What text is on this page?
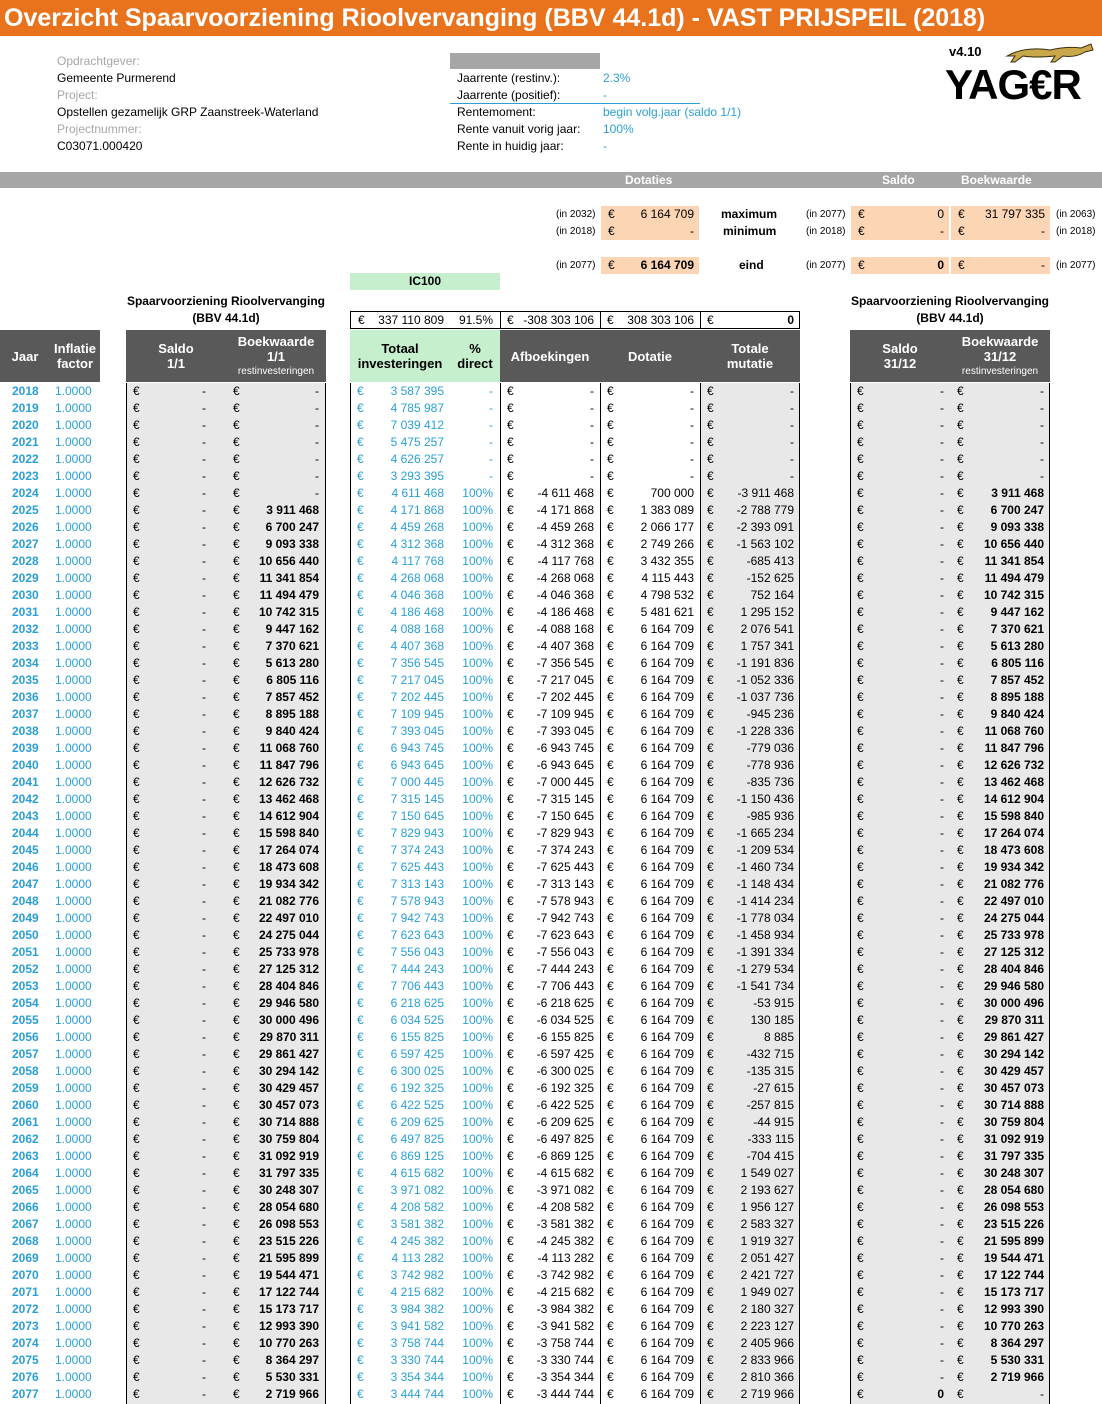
Overzicht Spaarvoorziening Rioolvervanging (BBV 44.1d) - VAST PRIJSPEIL (2018)
Opdrachtgever:
Gemeente Purmerend
Project:
Opstellen gezamelijk GRP Zaanstreek-Waterland
Projectnummer:
C03071.000420
Jaarrente (restinv.):	2.3%
Jaarrente (positief):	-
Rentemoment:	begin volg.jaar (saldo 1/1)
Rente vanuit vorig jaar: 100%
Rente in huidig jaar:	-
v4.10
YAG€R
Dotaties	Saldo	Boekwaarde
(in 2032) € 6 164 709 maximum	(in 2077) €	0 € 31 797 335 (in 2063)
(in 2018) €	- minimum	(in 2018) €	- €	- (in 2018)
(in 2077) € 6 164 709	eind	(in 2077) €	0 €	- (in 2077)
IC100
Spaarvoorziening Rioolvervanging (BBV 44.1d)
Spaarvoorziening Rioolvervanging (BBV 44.1d)
€	337 110 809	91.5% € -308 303 106 €	308 303 106 €	0
Jaar Inflatie factor
Saldo 1/1
Boekwaarde 1/1
restinvesteringen
Totaal investeringen
% direct	Afboekingen	Dotatie	Totale mutatie
Saldo 31/12
Boekwaarde 31/12
restinvesteringen
2018 1.0000	€	- €	-	€	3 587 395	- €	- €	- €	-	€	- €	-
2019 1.0000	€	- €	-	€	4 785 987	- €	- €	- €	-	€	- €	-
2020 1.0000	€	- €	-	€	7 039 412	- €	- €	- €	-	€	- €	-
2021 1.0000	€	- €	-	€	5 475 257	- €	- €	- €	-	€	- €	-
2022 1.0000	€	- €	-	€	4 626 257	- €	- €	- €	-	€	- €	-
2023 1.0000	€	- €	-	€	3 293 395	- €	- €	- €	-	€	- €	-
2024 1.0000	€	- €	-	€	4 611 468	100% €	-4 611 468 €	700 000 €	-3 911 468	€	- €	3 911 468
2025 1.0000	€	- €	3 911 468	€	4 171 868	100% €	-4 171 868 €	1 383 089 €	-2 788 779	€	- €	6 700 247
2026 1.0000	€	- €	6 700 247	€	4 459 268	100% €	-4 459 268 €	2 066 177 €	-2 393 091	€	- €	9 093 338
2027 1.0000	€	- €	9 093 338	€	4 312 368	100% €	-4 312 368 €	2 749 266 €	-1 563 102	€	- €	10 656 440
2028 1.0000	€	- €	10 656 440	€	4 117 768	100% €	-4 117 768 €	3 432 355 €	-685 413	€	- €	11 341 854
2029 1.0000	€	- €	11 341 854	€	4 268 068	100% €	-4 268 068 €	4 115 443 €	-152 625	€	- €	11 494 479
2030 1.0000	€	- €	11 494 479	€	4 046 368	100% €	-4 046 368 €	4 798 532 €	752 164	€	- €	10 742 315
2031 1.0000	€	- €	10 742 315	€	4 186 468	100% €	-4 186 468 €	5 481 621 €	1 295 152	€	- €	9 447 162
2032 1.0000	€	- €	9 447 162	€	4 088 168	100% €	-4 088 168 €	6 164 709 €	2 076 541	€	- €	7 370 621
2033 1.0000	€	- €	7 370 621	€	4 407 368	100% €	-4 407 368 €	6 164 709 €	1 757 341	€	- €	5 613 280
2034 1.0000	€	- €	5 613 280	€	7 356 545	100% €	-7 356 545 €	6 164 709 €	-1 191 836	€	- €	6 805 116
2035 1.0000	€	- €	6 805 116	€	7 217 045	100% €	-7 217 045 €	6 164 709 €	-1 052 336	€	- €	7 857 452
2036 1.0000	€	- €	7 857 452	€	7 202 445	100% €	-7 202 445 €	6 164 709 €	-1 037 736	€	- €	8 895 188
2037 1.0000	€	- €	8 895 188	€	7 109 945	100% €	-7 109 945 €	6 164 709 €	-945 236	€	- €	9 840 424
2038 1.0000	€	- €	9 840 424	€	7 393 045	100% €	-7 393 045 €	6 164 709 €	-1 228 336	€	- €	11 068 760
2039 1.0000	€	- €	11 068 760	€	6 943 745	100% €	-6 943 745 €	6 164 709 €	-779 036	€	- €	11 847 796
2040 1.0000	€	- €	11 847 796	€	6 943 645	100% €	-6 943 645 €	6 164 709 €	-778 936	€	- €	12 626 732
2041 1.0000	€	- €	12 626 732	€	7 000 445	100% €	-7 000 445 €	6 164 709 €	-835 736	€	- €	13 462 468
2042 1.0000	€	- €	13 462 468	€	7 315 145	100% €	-7 315 145 €	6 164 709 €	-1 150 436	€	- €	14 612 904
2043 1.0000	€	- €	14 612 904	€	7 150 645	100% €	-7 150 645 €	6 164 709 €	-985 936	€	- €	15 598 840
2044 1.0000	€	- €	15 598 840	€	7 829 943	100% €	-7 829 943 €	6 164 709 €	-1 665 234	€	- €	17 264 074
2045 1.0000	€	- €	17 264 074	€	7 374 243	100% €	-7 374 243 €	6 164 709 €	-1 209 534	€	- €	18 473 608
2046 1.0000	€	- €	18 473 608	€	7 625 443	100% €	-7 625 443 €	6 164 709 €	-1 460 734	€	- €	19 934 342
2047 1.0000	€	- €	19 934 342	€	7 313 143	100% €	-7 313 143 €	6 164 709 €	-1 148 434	€	- €	21 082 776
2048 1.0000	€	- €	21 082 776	€	7 578 943	100% €	-7 578 943 €	6 164 709 €	-1 414 234	€	- €	22 497 010
2049 1.0000	€	- €	22 497 010	€	7 942 743	100% €	-7 942 743 €	6 164 709 €	-1 778 034	€	- €	24 275 044
2050 1.0000	€	- €	24 275 044	€	7 623 643	100% €	-7 623 643 €	6 164 709 €	-1 458 934	€	- €	25 733 978
2051 1.0000	€	- €	25 733 978	€	7 556 043	100% €	-7 556 043 €	6 164 709 €	-1 391 334	€	- €	27 125 312
2052 1.0000	€	- €	27 125 312	€	7 444 243	100% €	-7 444 243 €	6 164 709 €	-1 279 534	€	- €	28 404 846
2053 1.0000	€	- €	28 404 846	€	7 706 443	100% €	-7 706 443 €	6 164 709 €	-1 541 734	€	- €	29 946 580
2054 1.0000	€	- €	29 946 580	€	6 218 625	100% €	-6 218 625 €	6 164 709 €	-53 915	€	- €	30 000 496
2055 1.0000	€	- €	30 000 496	€	6 034 525	100% €	-6 034 525 €	6 164 709 €	130 185	€	- €	29 870 311
2056 1.0000	€	- €	29 870 311	€	6 155 825	100% €	-6 155 825 €	6 164 709 €	8 885	€	- €	29 861 427
2057 1.0000	€	- €	29 861 427	€	6 597 425	100% €	-6 597 425 €	6 164 709 €	-432 715	€	- €	30 294 142
2058 1.0000	€	- €	30 294 142	€	6 300 025	100% €	-6 300 025 €	6 164 709 €	-135 315	€	- €	30 429 457
2059 1.0000	€	- €	30 429 457	€	6 192 325	100% €	-6 192 325 €	6 164 709 €	-27 615	€	- €	30 457 073
2060 1.0000	€	- €	30 457 073	€	6 422 525	100% €	-6 422 525 €	6 164 709 €	-257 815	€	- €	30 714 888
2061 1.0000	€	- €	30 714 888	€	6 209 625	100% €	-6 209 625 €	6 164 709 €	-44 915	€	- €	30 759 804
2062 1.0000	€	- €	30 759 804	€	6 497 825	100% €	-6 497 825 €	6 164 709 €	-333 115	€	- €	31 092 919
2063 1.0000	€	- €	31 092 919	€	6 869 125	100% €	-6 869 125 €	6 164 709 €	-704 415	€	- €	31 797 335
2064 1.0000	€	- €	31 797 335	€	4 615 682	100% €	-4 615 682 €	6 164 709 €	1 549 027	€	- €	30 248 307
2065 1.0000	€	- €	30 248 307	€	3 971 082	100% €	-3 971 082 €	6 164 709 €	2 193 627	€	- €	28 054 680
2066 1.0000	€	- €	28 054 680	€	4 208 582	100% €	-4 208 582 €	6 164 709 €	1 956 127	€	- €	26 098 553
2067 1.0000	€	- €	26 098 553	€	3 581 382	100% €	-3 581 382 €	6 164 709 €	2 583 327	€	- €	23 515 226
2068 1.0000	€	- €	23 515 226	€	4 245 382	100% €	-4 245 382 €	6 164 709 €	1 919 327	€	- €	21 595 899
2069 1.0000	€	- €	21 595 899	€	4 113 282	100% €	-4 113 282 €	6 164 709 €	2 051 427	€	- €	19 544 471
2070 1.0000	€	- €	19 544 471	€	3 742 982	100% €	-3 742 982 €	6 164 709 €	2 421 727	€	- €	17 122 744
2071 1.0000	€	- €	17 122 744	€	4 215 682	100% €	-4 215 682 €	6 164 709 €	1 949 027	€	- €	15 173 717
2072 1.0000	€	- €	15 173 717	€	3 984 382	100% €	-3 984 382 €	6 164 709 €	2 180 327	€	- €	12 993 390
2073 1.0000	€	- €	12 993 390	€	3 941 582	100% €	-3 941 582 €	6 164 709 €	2 223 127	€	- €	10 770 263
2074 1.0000	€	- €	10 770 263	€	3 758 744	100% €	-3 758 744 €	6 164 709 €	2 405 966	€	- €	8 364 297
2075 1.0000	€	- €	8 364 297	€	3 330 744	100% €	-3 330 744 €	6 164 709 €	2 833 966	€	- €	5 530 331
2076 1.0000	€	- €	5 530 331	€	3 354 344	100% €	-3 354 344 €	6 164 709 €	2 810 366	€	- €	2 719 966
2077 1.0000	€	- €	2 719 966	€	3 444 744	100% €	-3 444 744 €	6 164 709 €	2 719 966	€	0 €	-
